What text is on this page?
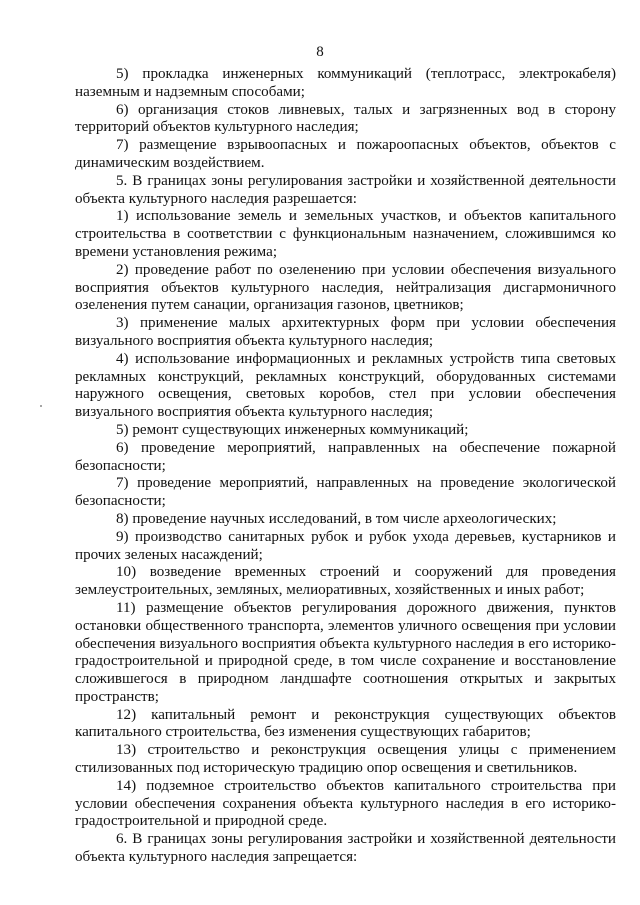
8

5) прокладка инженерных коммуникаций (теплотрасс, электрокабеля) наземным и надземным способами;

6) организация стоков ливневых, талых и загрязненных вод в сторону территорий объектов культурного наследия;

7) размещение взрывоопасных и пожароопасных объектов, объектов с динамическим воздействием.

5. В границах зоны регулирования застройки и хозяйственной деятельности объекта культурного наследия разрешается:

1) использование земель и земельных участков, и объектов капитального строительства в соответствии с функциональным назначением, сложившимся ко времени установления режима;

2) проведение работ по озеленению при условии обеспечения визуального восприятия объектов культурного наследия, нейтрализация дисгармоничного озеленения путем санации, организация газонов, цветников;

3) применение малых архитектурных форм при условии обеспечения визуального восприятия объекта культурного наследия;

4) использование информационных и рекламных устройств типа световых рекламных конструкций, рекламных конструкций, оборудованных системами наружного освещения, световых коробов, стел при условии обеспечения визуального восприятия объекта культурного наследия;

5) ремонт существующих инженерных коммуникаций;

6) проведение мероприятий, направленных на обеспечение пожарной безопасности;

7) проведение мероприятий, направленных на проведение экологической безопасности;

8) проведение научных исследований, в том числе археологических;

9) производство санитарных рубок и рубок ухода деревьев, кустарников и прочих зеленых насаждений;

10) возведение временных строений и сооружений для проведения землеустроительных, земляных, мелиоративных, хозяйственных и иных работ;

11) размещение объектов регулирования дорожного движения, пунктов остановки общественного транспорта, элементов уличного освещения при условии обеспечения визуального восприятия объекта культурного наследия в его историко-градостроительной и природной среде, в том числе сохранение и восстановление сложившегося в природном ландшафте соотношения открытых и закрытых пространств;

12) капитальный ремонт и реконструкция существующих объектов капитального строительства, без изменения существующих габаритов;

13) строительство и реконструкция освещения улицы с применением стилизованных под историческую традицию опор освещения и светильников.

14) подземное строительство объектов капитального строительства при условии обеспечения сохранения объекта культурного наследия в его историко-градостроительной и природной среде.

6. В границах зоны регулирования застройки и хозяйственной деятельности объекта культурного наследия запрещается:
